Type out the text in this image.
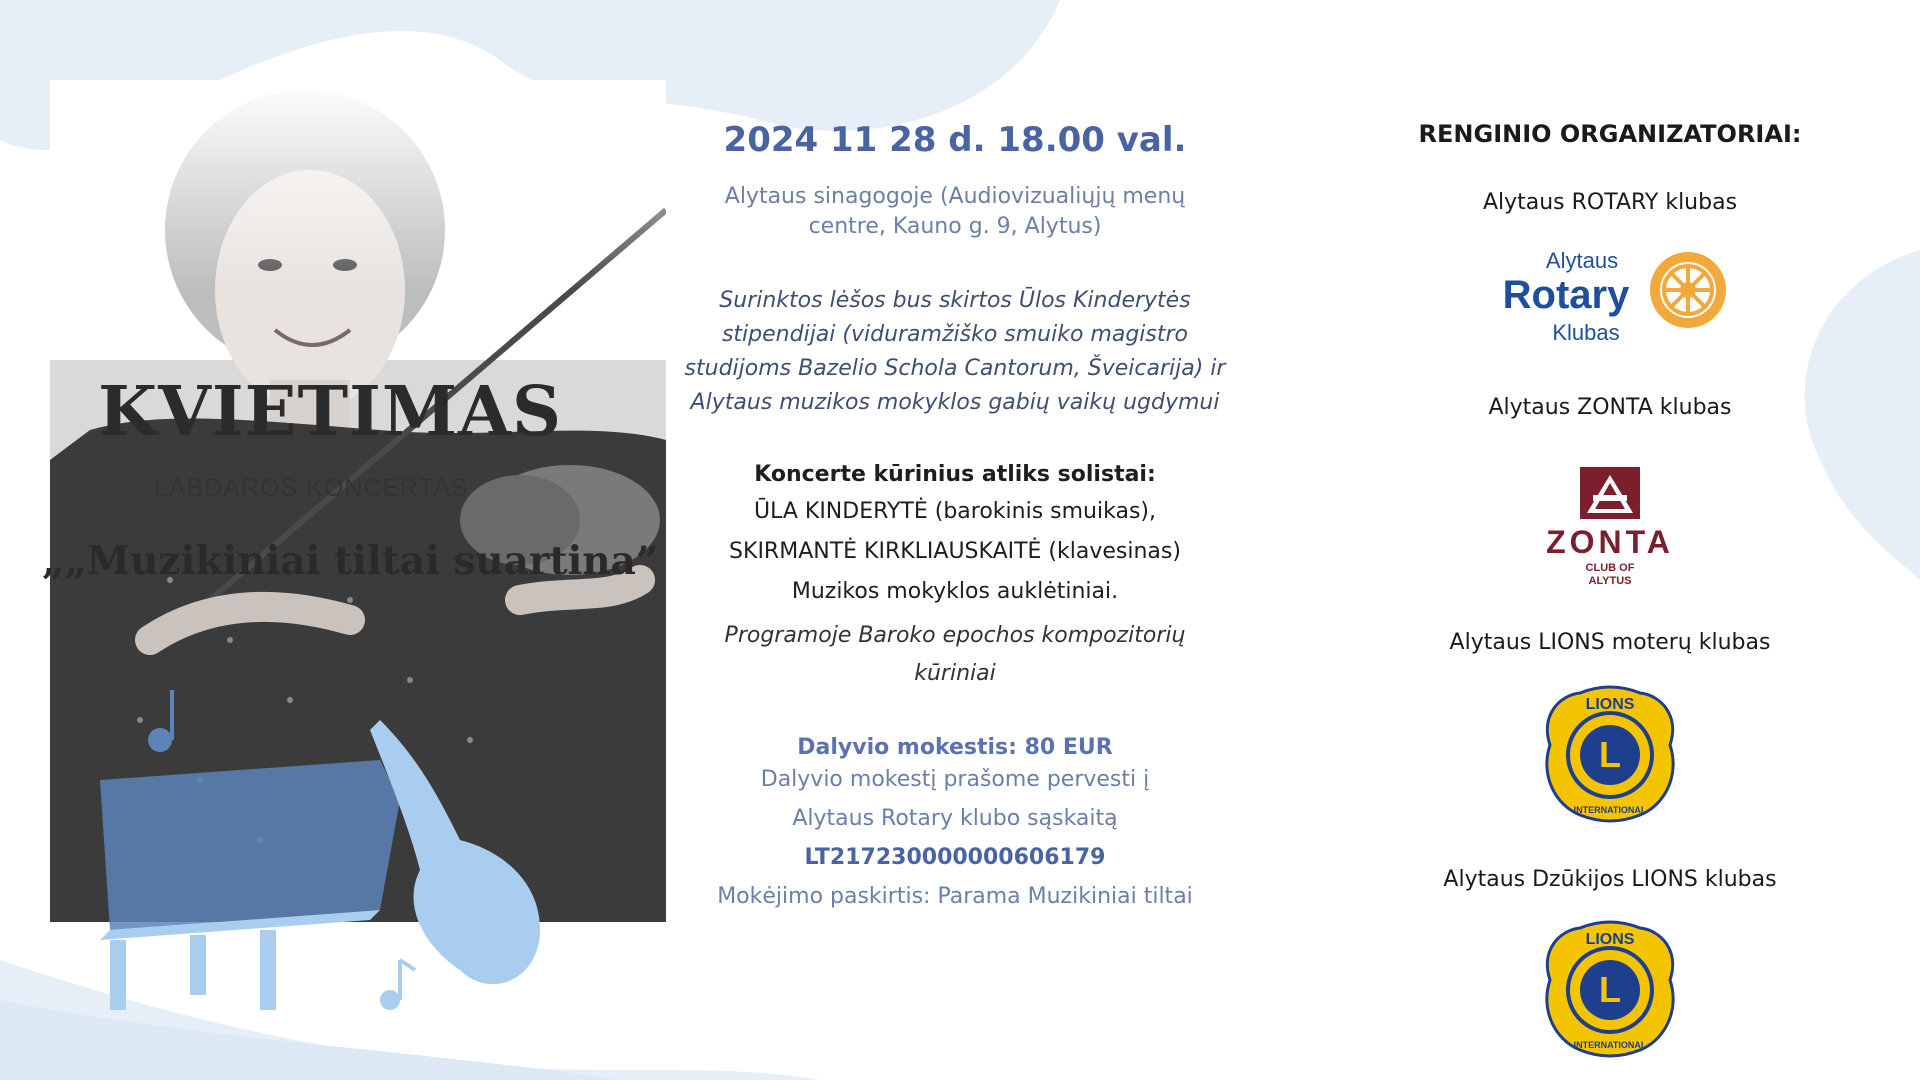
KVIETIMAS
LABDAROS KONCERTAS
„„Muzikiniai tiltai suartina”
2024 11 28 d. 18.00 val.
Alytaus sinagogoje (Audiovizualiųjų menų
centre, Kauno g. 9, Alytus)
Surinktos lėšos bus skirtos Ūlos Kinderytės
stipendijai (viduramžiško smuiko magistro
studijoms Bazelio Schola Cantorum, Šveicarija) ir
Alytaus muzikos mokyklos gabių vaikų ugdymui
Koncerte kūrinius atliks solistai:
ŪLA KINDERYTĖ (barokinis smuikas),
SKIRMANTĖ KIRKLIAUSKAITĖ (klavesinas)
Muzikos mokyklos auklėtiniai.
Programoje Baroko epochos kompozitorių
kūriniai
Dalyvio mokestis: 80 EUR
Dalyvio mokestį prašome pervesti į
Alytaus Rotary klubo sąskaitą
LT217230000000606179
Mokėjimo paskirtis: Parama Muzikiniai tiltai
RENGINIO ORGANIZATORIAI:
Alytaus ROTARY klubas
Alytaus
Rotary
Klubas
Alytaus ZONTA klubas
ZONTA
CLUB OF
ALYTUS
Alytaus LIONS moterų klubas
L
LIONS
INTERNATIONAL
Alytaus Dzūkijos LIONS klubas
L
LIONS
INTERNATIONAL
